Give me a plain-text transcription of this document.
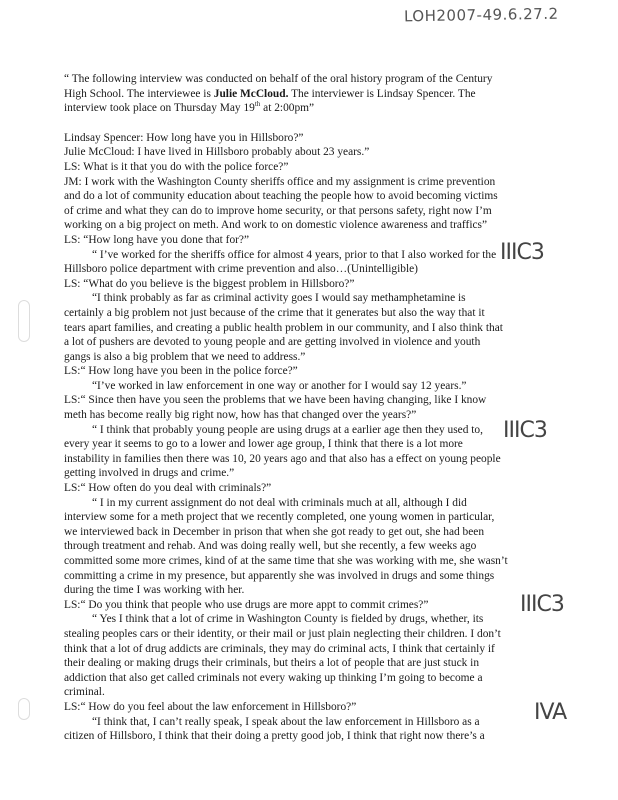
LOH2007-49.6.27.2
“ The following interview was conducted on behalf of the oral history program of the Century
High School. The interviewee is Julie McCloud. The interviewer is Lindsay Spencer. The
interview took place on Thursday May 19th at 2:00pm”
Lindsay Spencer: How long have you in Hillsboro?”
Julie McCloud: I have lived in Hillsboro probably about 23 years.”
LS: What is it that you do with the police force?”
JM: I work with the Washington County sheriffs office and my assignment is crime prevention
and do a lot of community education about teaching the people how to avoid becoming victims
of crime and what they can do to improve home security, or that persons safety, right now I’m
working on a big project on meth. And work to on domestic violence awareness and traffics”
LS: “How long have you done that for?”
“ I’ve worked for the sheriffs office for almost 4 years, prior to that I also worked for the
Hillsboro police department with crime prevention and also…(Unintelligible)
LS: “What do you believe is the biggest problem in Hillsboro?”
“I think probably as far as criminal activity goes I would say methamphetamine is
certainly a big problem not just because of the crime that it generates but also the way that it
tears apart families, and creating a public health problem in our community, and I also think that
a lot of pushers are devoted to young people and are getting involved in violence and youth
gangs is also a big problem that we need to address.”
LS:“ How long have you been in the police force?”
“I’ve worked in law enforcement in one way or another for I would say 12 years.”
LS:“ Since then have you seen the problems that we have been having changing, like I know
meth has become really big right now, how has that changed over the years?”
“ I think that probably young people are using drugs at a earlier age then they used to,
every year it seems to go to a lower and lower age group, I think that there is a lot more
instability in families then there was 10, 20 years ago and that also has a effect on young people
getting involved in drugs and crime.”
LS:“ How often do you deal with criminals?”
“ I in my current assignment do not deal with criminals much at all, although I did
interview some for a meth project that we recently completed, one young women in particular,
we interviewed back in December in prison that when she got ready to get out, she had been
through treatment and rehab. And was doing really well, but she recently, a few weeks ago
committed some more crimes, kind of at the same time that she was working with me, she wasn’t
committing a crime in my presence, but apparently she was involved in drugs and some things
during the time I was working with her.
LS:“ Do you think that people who use drugs are more appt to commit crimes?”
“ Yes I think that a lot of crime in Washington County is fielded by drugs, whether, its
stealing peoples cars or their identity, or their mail or just plain neglecting their children. I don’t
think that a lot of drug addicts are criminals, they may do criminal acts, I think that certainly if
their dealing or making drugs their criminals, but theirs a lot of people that are just stuck in
addiction that also get called criminals not every waking up thinking I’m going to become a
criminal.
LS:“ How do you feel about the law enforcement in Hillsboro?”
“I think that, I can’t really speak, I speak about the law enforcement in Hillsboro as a
citizen of Hillsboro, I think that their doing a pretty good job, I think that right now there’s a
IIIC3
IIIC3
IIIC3
IVA
